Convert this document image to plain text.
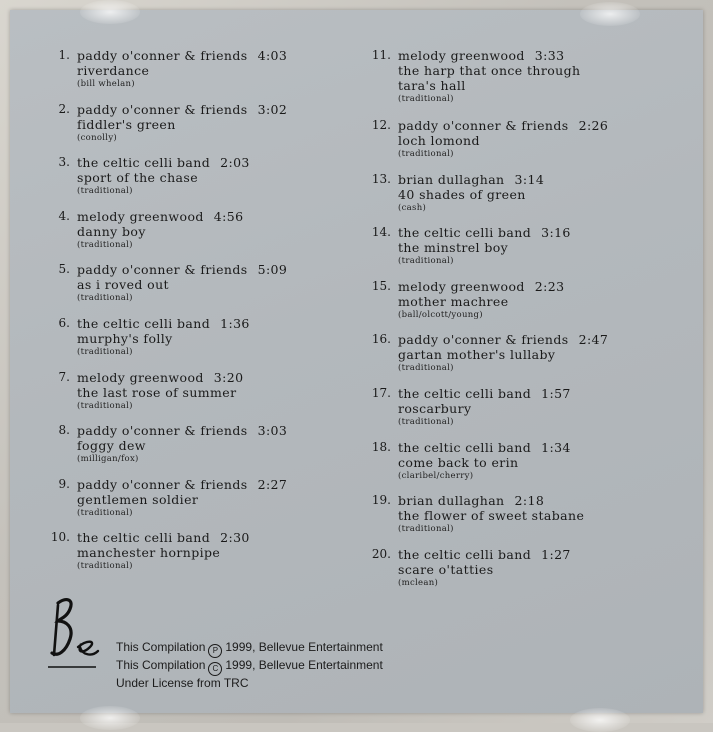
1. paddy o'conner & friends 4:03
riverdance
(bill whelan)
2. paddy o'conner & friends 3:02
fiddler's green
(conolly)
3. the celtic celli band 2:03
sport of the chase
(traditional)
4. melody greenwood 4:56
danny boy
(traditional)
5. paddy o'conner & friends 5:09
as i roved out
(traditional)
6. the celtic celli band 1:36
murphy's folly
(traditional)
7. melody greenwood 3:20
the last rose of summer
(traditional)
8. paddy o'conner & friends 3:03
foggy dew
(milligan/fox)
9. paddy o'conner & friends 2:27
gentlemen soldier
(traditional)
10. the celtic celli band 2:30
manchester hornpipe
(traditional)
11. melody greenwood 3:33
the harp that once through
tara's hall
(traditional)
12. paddy o'conner & friends 2:26
loch lomond
(traditional)
13. brian dullaghan 3:14
40 shades of green
(cash)
14. the celtic celli band 3:16
the minstrel boy
(traditional)
15. melody greenwood 2:23
mother machree
(ball/olcott/young)
16. paddy o'conner & friends 2:47
gartan mother's lullaby
(traditional)
17. the celtic celli band 1:57
roscarbury
(traditional)
18. the celtic celli band 1:34
come back to erin
(claribel/cherry)
19. brian dullaghan 2:18
the flower of sweet stabane
(traditional)
20. the celtic celli band 1:27
scare o'tatties
(mclean)
This Compilation P 1999, Bellevue Entertainment
This Compilation C 1999, Bellevue Entertainment
Under License from TRC
